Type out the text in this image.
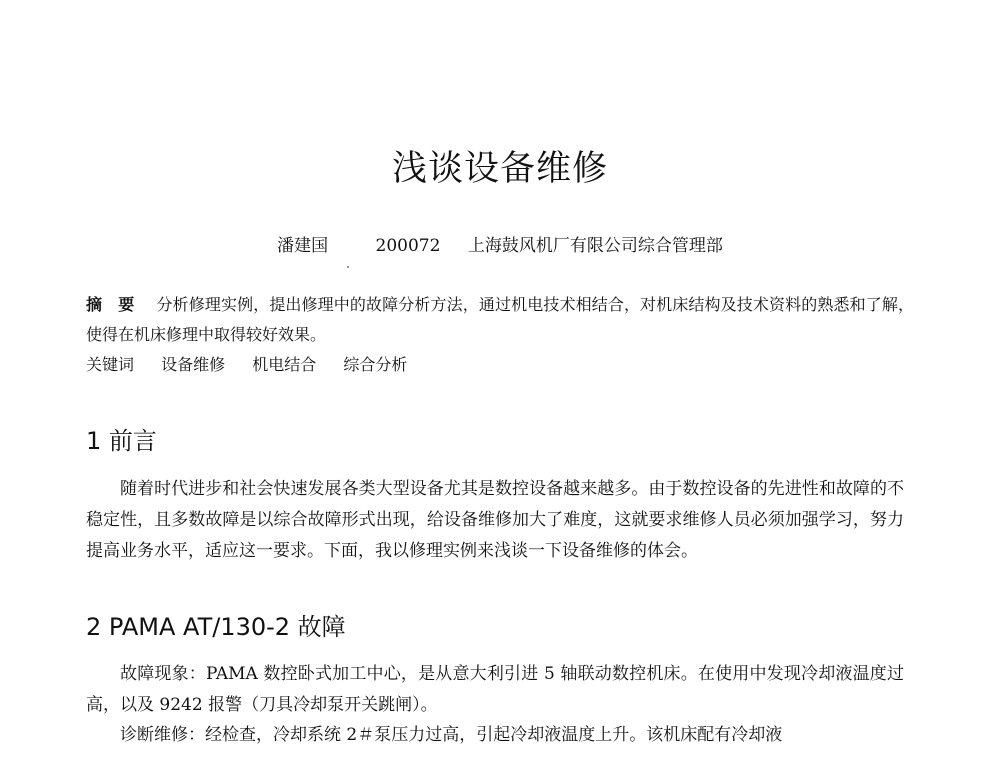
浅谈设备维修
潘建国	200072 上海鼓风机厂有限公司综合管理部
摘　要 分析修理实例，提出修理中的故障分析方法，通过机电技术相结合，对机床结构及技术资料的熟悉和了解，使得在机床修理中取得较好效果。
关键词 设备维修 机电结合 综合分析
1 前言

随着时代进步和社会快速发展各类大型设备尤其是数控设备越来越多。由于数控设备的先进性和故障的不稳定性，且多数故障是以综合故障形式出现，给设备维修加大了难度，这就要求维修人员必须加强学习，努力提高业务水平，适应这一要求。下面，我以修理实例来浅谈一下设备维修的体会。

2 PAMA AT/130-2 故障

故障现象：PAMA 数控卧式加工中心，是从意大利引进 5 轴联动数控机床。在使用中发现冷却液温度过高，以及 9242 报警（刀具冷却泵开关跳闸）。

诊断维修：经检查，冷却系统 2＃泵压力过高，引起冷却液温度上升。该机床配有冷却液
